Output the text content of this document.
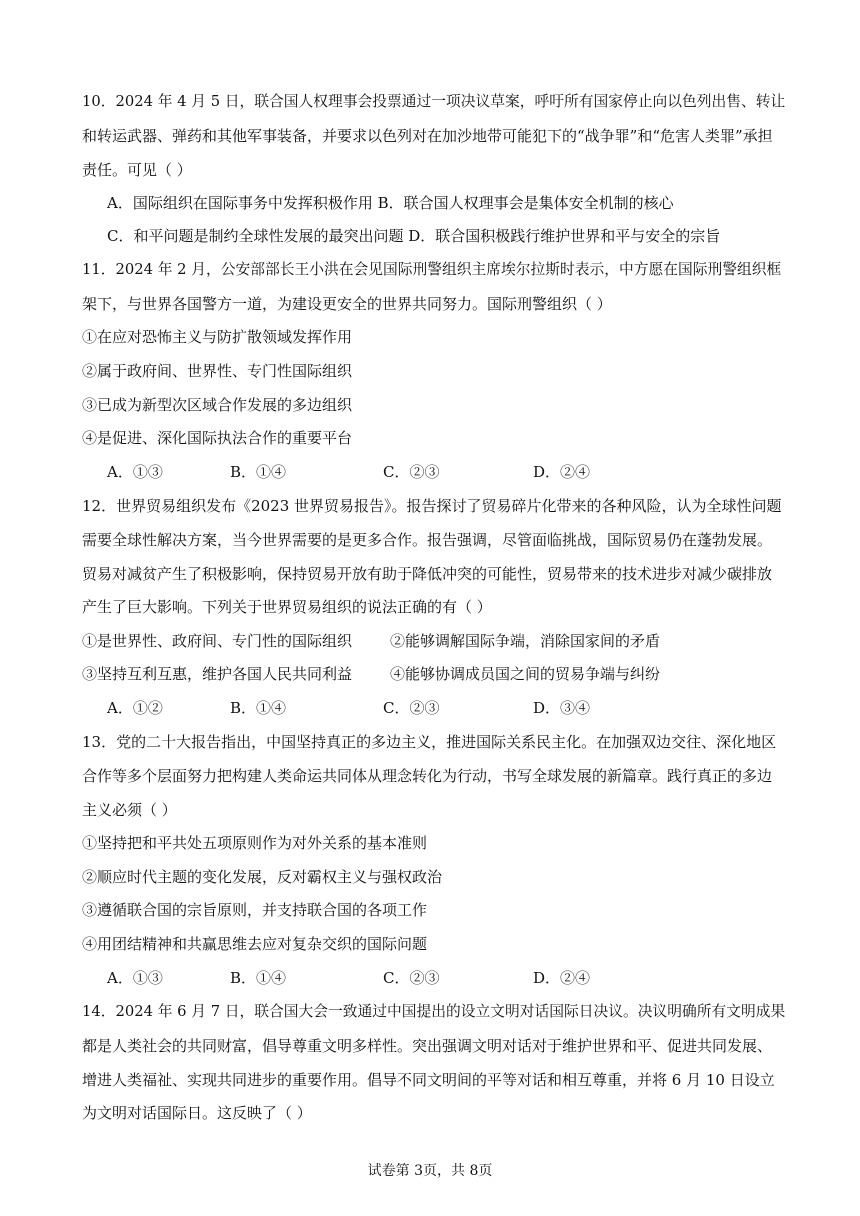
10．2024 年 4 月 5 日，联合国人权理事会投票通过一项决议草案，呼吁所有国家停止向以色列出售、转让
和转运武器、弹药和其他军事装备，并要求以色列对在加沙地带可能犯下的“战争罪”和“危害人类罪”承担
责任。可见（ ）
A．国际组织在国际事务中发挥积极作用 B．联合国人权理事会是集体安全机制的核心
C．和平问题是制约全球性发展的最突出问题 D．联合国积极践行维护世界和平与安全的宗旨
11．2024 年 2 月，公安部部长王小洪在会见国际刑警组织主席埃尔拉斯时表示，中方愿在国际刑警组织框
架下，与世界各国警方一道，为建设更安全的世界共同努力。国际刑警组织（ ）
①在应对恐怖主义与防扩散领域发挥作用
②属于政府间、世界性、专门性国际组织
③已成为新型次区域合作发展的多边组织
④是促进、深化国际执法合作的重要平台
A．①③	B．①④	C．②③	D．②④
12．世界贸易组织发布《2023 世界贸易报告》。报告探讨了贸易碎片化带来的各种风险，认为全球性问题
需要全球性解决方案，当今世界需要的是更多合作。报告强调，尽管面临挑战，国际贸易仍在蓬勃发展。
贸易对减贫产生了积极影响，保持贸易开放有助于降低冲突的可能性，贸易带来的技术进步对减少碳排放
产生了巨大影响。下列关于世界贸易组织的说法正确的有（ ）
①是世界性、政府间、专门性的国际组织	②能够调解国际争端，消除国家间的矛盾
③坚持互利互惠，维护各国人民共同利益	④能够协调成员国之间的贸易争端与纠纷
A．①②	B．①④	C．②③	D．③④
13．党的二十大报告指出，中国坚持真正的多边主义，推进国际关系民主化。在加强双边交往、深化地区
合作等多个层面努力把构建人类命运共同体从理念转化为行动，书写全球发展的新篇章。践行真正的多边
主义必须（ ）
①坚持把和平共处五项原则作为对外关系的基本准则
②顺应时代主题的变化发展，反对霸权主义与强权政治
③遵循联合国的宗旨原则，并支持联合国的各项工作
④用团结精神和共赢思维去应对复杂交织的国际问题
A．①③	B．①④	C．②③	D．②④
14．2024 年 6 月 7 日，联合国大会一致通过中国提出的设立文明对话国际日决议。决议明确所有文明成果
都是人类社会的共同财富，倡导尊重文明多样性。突出强调文明对话对于维护世界和平、促进共同发展、
增进人类福祉、实现共同进步的重要作用。倡导不同文明间的平等对话和相互尊重，并将 6 月 10 日设立
为文明对话国际日。这反映了（ ）
试卷第 3页，共 8页
